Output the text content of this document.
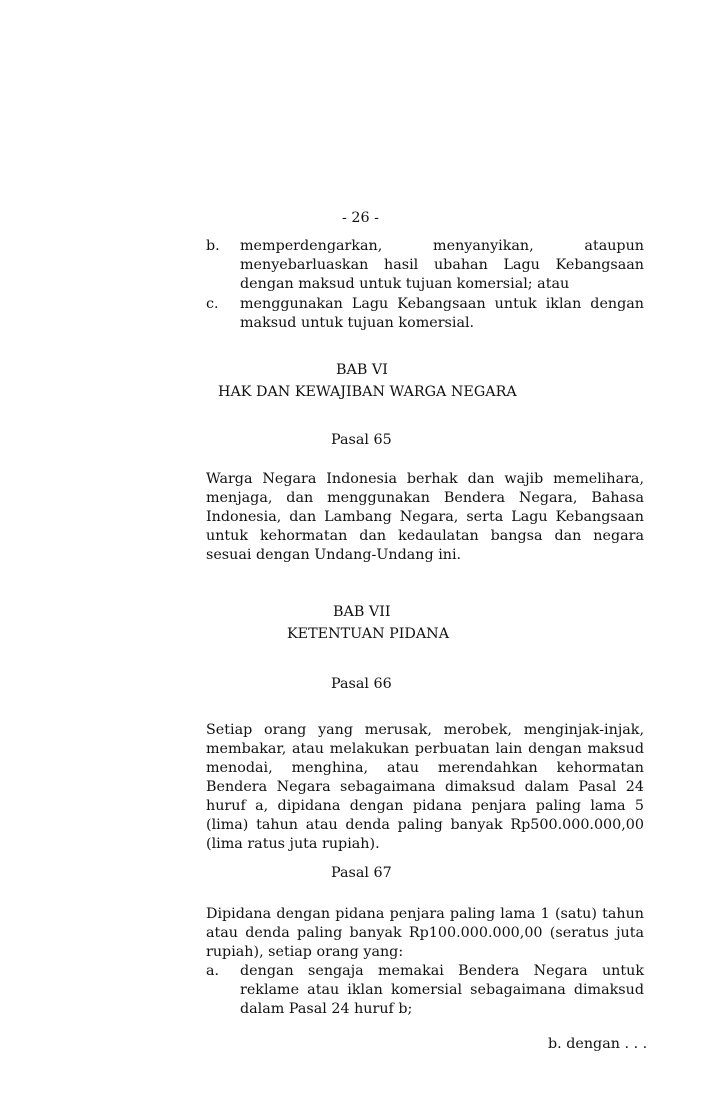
- 26 -
b.	memperdengarkan, menyanyikan, ataupun menyebarluaskan hasil ubahan Lagu Kebangsaan dengan maksud untuk tujuan komersial; atau
c.	menggunakan Lagu Kebangsaan untuk iklan dengan maksud untuk tujuan komersial.
BAB VI
HAK DAN KEWAJIBAN WARGA NEGARA
Pasal 65
Warga Negara Indonesia berhak dan wajib memelihara, menjaga, dan menggunakan Bendera Negara, Bahasa Indonesia, dan Lambang Negara, serta Lagu Kebangsaan untuk kehormatan dan kedaulatan bangsa dan negara sesuai dengan Undang-Undang ini.
BAB VII
KETENTUAN PIDANA
Pasal 66
Setiap orang yang merusak, merobek, menginjak-injak, membakar, atau melakukan perbuatan lain dengan maksud menodai, menghina, atau merendahkan kehormatan Bendera Negara sebagaimana dimaksud dalam Pasal 24 huruf a, dipidana dengan pidana penjara paling lama 5 (lima) tahun atau denda paling banyak Rp500.000.000,00 (lima ratus juta rupiah).
Pasal 67
Dipidana dengan pidana penjara paling lama 1 (satu) tahun atau denda paling banyak Rp100.000.000,00 (seratus juta rupiah), setiap orang yang:
a.	dengan sengaja memakai Bendera Negara untuk reklame atau iklan komersial sebagaimana dimaksud dalam Pasal 24 huruf b;
b. dengan . . .
